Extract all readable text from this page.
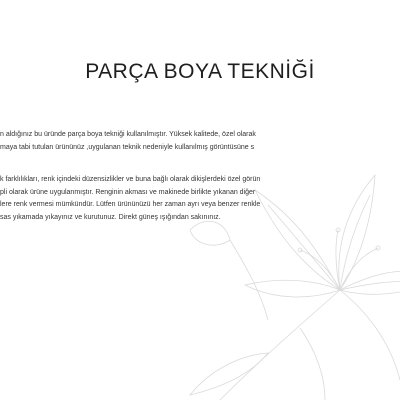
PARÇA BOYA TEKNİĞİ
n aldığınız bu üründe parça boya tekniği kullanılmıştır. Yüksek kalitede, özel olarak
maya tabi tutulan ürününüz ,uygulanan teknik nedeniyle kullanılmış görüntüsüne s
k farklılıkları, renk içindeki düzensizlikler ve buna bağlı olarak dikişlerdeki özel görün
pli olarak ürüne uygulanmıştır. Renginin akması ve makinede birlikte yıkanan diğer
lere renk vermesi mümkündür. Lütfen ürününüzü her zaman ayrı veya benzer renkle
sas yıkamada yıkayınız ve kurutunuz. Direkt güneş ışığından sakınınız.
